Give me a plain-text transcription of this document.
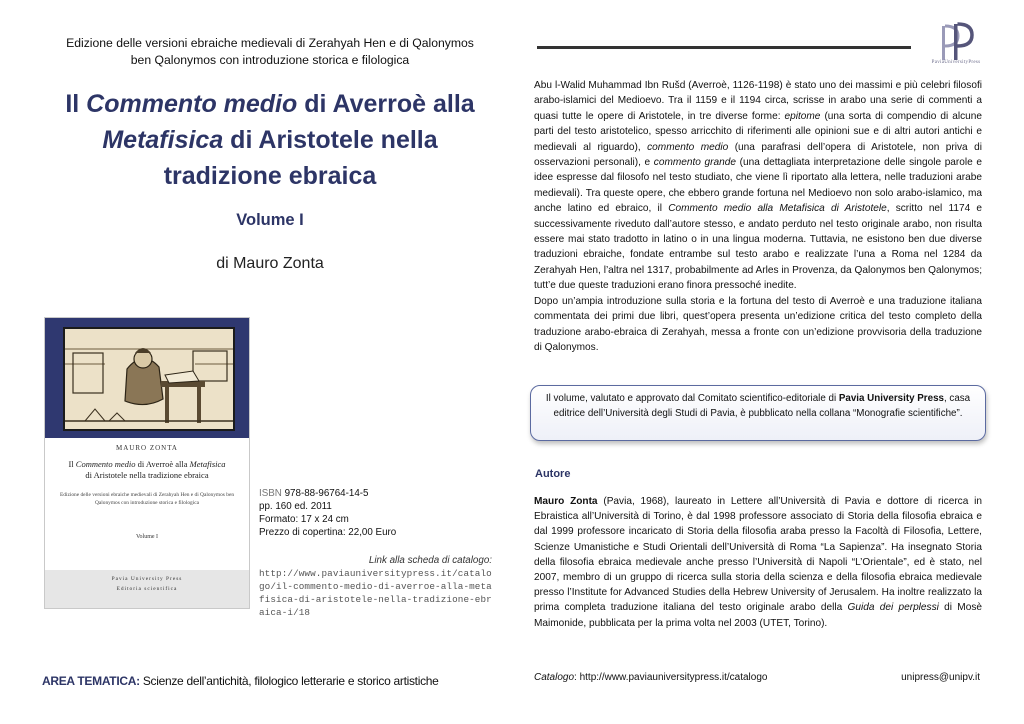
Edizione delle versioni ebraiche medievali di Zerahyah Hen e di Qalonymos
ben Qalonymos con introduzione storica e filologica	PaviaUniversityPress
Il Commento medio di Averroè alla
Metafisica di Aristotele nella tradizione ebraica
Volume I
di Mauro Zonta
MAURO ZONTA
Il Commento medio di Averroè alla Metafisica
di Aristotele nella tradizione ebraica
Edizione delle versioni ebraiche medievali di Zerahyah Hen e di Qalonymos ben Qalonymos con introduzione storica e filologica
Volume I
Pavia University Press
Editoria scientifica
ISBN 978-88-96764-14-5
pp. 160 ed. 2011
Formato: 17 x 24 cm
Prezzo di copertina: 22,00 Euro
Link alla scheda di catalogo:
http://www.paviauniversitypress.it/catalogo/il-commento-medio-di-averroe-alla-metafisica-di-aristotele-nella-tradizione-ebraica-i/18
AREA TEMATICA: Scienze dell’antichità, filologico letterarie e storico artistiche

Abu l-Walid Muhammad Ibn Rušd (Averroè, 1126-1198) è stato uno dei massimi e più celebri filosofi arabo-islamici del Medioevo. Tra il 1159 e il 1194 circa, scrisse in arabo una serie di commenti a quasi tutte le opere di Aristotele, in tre diverse forme: epitome (una sorta di compendio di alcune parti del testo aristotelico, spesso arricchito di riferimenti alle opinioni sue e di altri autori antichi e medievali al riguardo), commento medio (una parafrasi dell’opera di Aristotele, non priva di osservazioni personali), e commento grande (una dettagliata interpretazione delle singole parole e idee espresse dal filosofo nel testo studiato, che viene lì riportato alla lettera, nelle traduzioni arabe medievali). Tra queste opere, che ebbero grande fortuna nel Medioevo non solo arabo-islamico, ma anche latino ed ebraico, il Commento medio alla Metafisica di Aristotele, scritto nel 1174 e successivamente riveduto dall’autore stesso, e andato perduto nel testo originale arabo, non risulta essere mai stato tradotto in latino o in una lingua moderna. Tuttavia, ne esistono ben due diverse traduzioni ebraiche, fondate entrambe sul testo arabo e realizzate l’una a Roma nel 1284 da Zerahyah Hen, l’altra nel 1317, probabilmente ad Arles in Provenza, da Qalonymos ben Qalonymos; tutt’e due queste traduzioni erano finora pressoché inedite.

Dopo un’ampia introduzione sulla storia e la fortuna del testo di Averroè e una traduzione italiana commentata dei primi due libri, quest’opera presenta un’edizione critica del testo completo della traduzione arabo-ebraica di Zerahyah, messa a fronte con un’edizione provvisoria della traduzione di Qalonymos.

Il volume, valutato e approvato dal Comitato scientifico-editoriale di Pavia University Press, casa editrice dell’Università degli Studi di Pavia, è pubblicato nella collana “Monografie scientifiche”.
Autore
Mauro Zonta (Pavia, 1968), laureato in Lettere all’Università di Pavia e dottore di ricerca in Ebraistica all’Università di Torino, è dal 1998 professore associato di Storia della filosofia ebraica e dal 1999 professore incaricato di Storia della filosofia araba presso la Facoltà di Filosofia, Lettere, Scienze Umanistiche e Studi Orientali dell’Università di Roma “La Sapienza”. Ha insegnato Storia della filosofia ebraica medievale anche presso l’Università di Napoli “L’Orientale”, ed è stato, nel 2007, membro di un gruppo di ricerca sulla storia della scienza e della filosofia ebraica medievale presso l’Institute for Advanced Studies della Hebrew University of Jerusalem. Ha inoltre realizzato la prima completa traduzione italiana del testo originale arabo della Guida dei perplessi di Mosè Maimonide, pubblicata per la prima volta nel 2003 (UTET, Torino).
Catalogo: http://www.paviauniversitypress.it/catalogo	unipress@unipv.it
